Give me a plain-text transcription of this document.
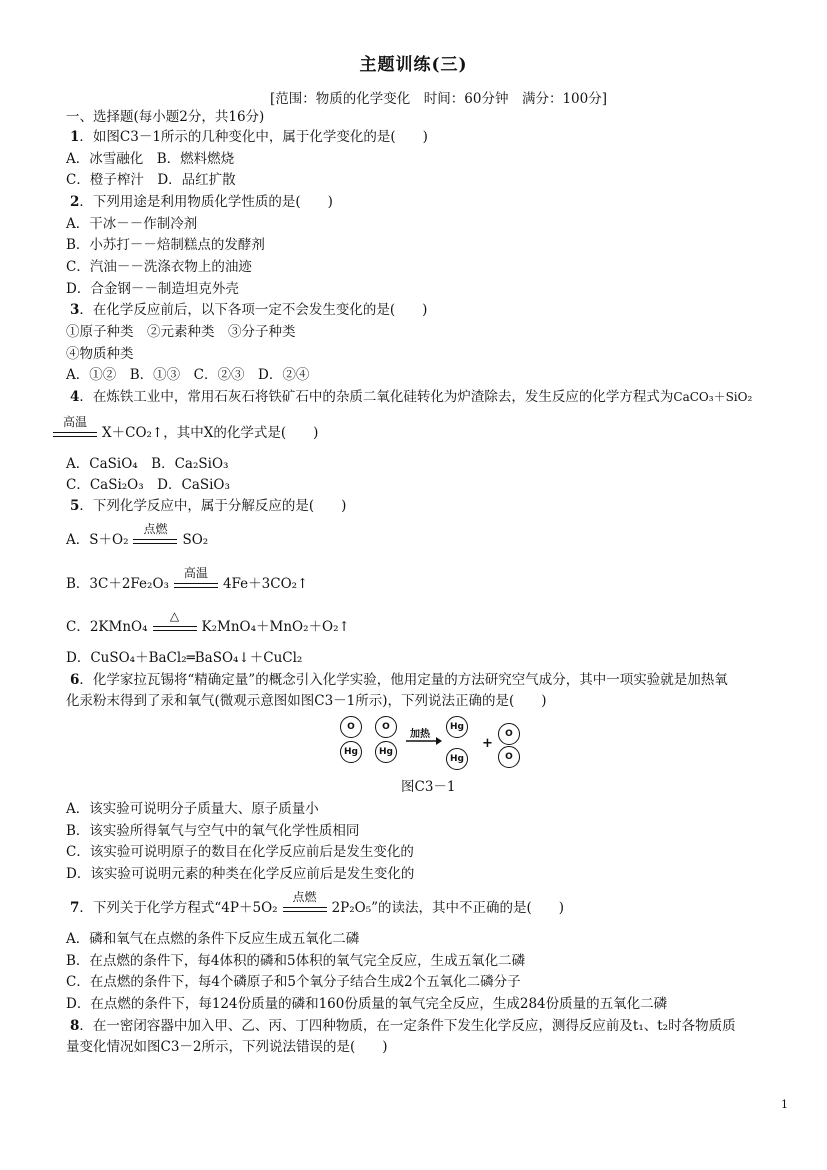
主题训练(三)
[范围：物质的化学变化　时间：60分钟　满分：100分]
一、选择题(每小题2分，共16分)
1．如图C3－1所示的几种变化中，属于化学变化的是(　　)
A．冰雪融化　B．燃料燃烧
C．橙子榨汁　D．品红扩散
2．下列用途是利用物质化学性质的是(　　)
A．干冰－－作制冷剂
B．小苏打－－焙制糕点的发酵剂
C．汽油－－洗涤衣物上的油迹
D．合金钢－－制造坦克外壳
3．在化学反应前后，以下各项一定不会发生变化的是(　　)
①原子种类　②元素种类　③分子种类
④物质种类
A．①②　B．①③　C．②③　D．②④
4．在炼铁工业中，常用石灰石将铁矿石中的杂质二氧化硅转化为炉渣除去，发生反应的化学方程式为CaCO₃＋SiO₂
高温
X＋CO₂↑，其中X的化学式是(　　)
A．CaSiO₄　B．Ca₂SiO₃
C．CaSi₂O₃　D．CaSiO₃
5．下列化学反应中，属于分解反应的是(　　)
A．S＋O₂
点燃
SO₂
B．3C＋2Fe₂O₃
高温
4Fe＋3CO₂↑
C．2KMnO₄
△
K₂MnO₄＋MnO₂＋O₂↑
D．CuSO₄＋BaCl₂═BaSO₄↓＋CuCl₂
6．化学家拉瓦锡将“精确定量”的概念引入化学实验，他用定量的方法研究空气成分，其中一项实验就是加热氧
化汞粉末得到了汞和氧气(微观示意图如图C3－1所示)，下列说法正确的是(　　)
O
Hg
O
Hg
加热
Hg
Hg
+
O
O
图C3－1
A．该实验可说明分子质量大、原子质量小
B．该实验所得氧气与空气中的氧气化学性质相同
C．该实验可说明原子的数目在化学反应前后是发生变化的
D．该实验可说明元素的种类在化学反应前后是发生变化的
7．下列关于化学方程式“4P＋5O₂
点燃
2P₂O₅”的读法，其中不正确的是(　　)
A．磷和氧气在点燃的条件下反应生成五氧化二磷
B．在点燃的条件下，每4体积的磷和5体积的氧气完全反应，生成五氧化二磷
C．在点燃的条件下，每4个磷原子和5个氧分子结合生成2个五氧化二磷分子
D．在点燃的条件下，每124份质量的磷和160份质量的氧气完全反应，生成284份质量的五氧化二磷
8．在一密闭容器中加入甲、乙、丙、丁四种物质，在一定条件下发生化学反应，测得反应前及t₁、t₂时各物质质
量变化情况如图C3－2所示，下列说法错误的是(　　)
1
